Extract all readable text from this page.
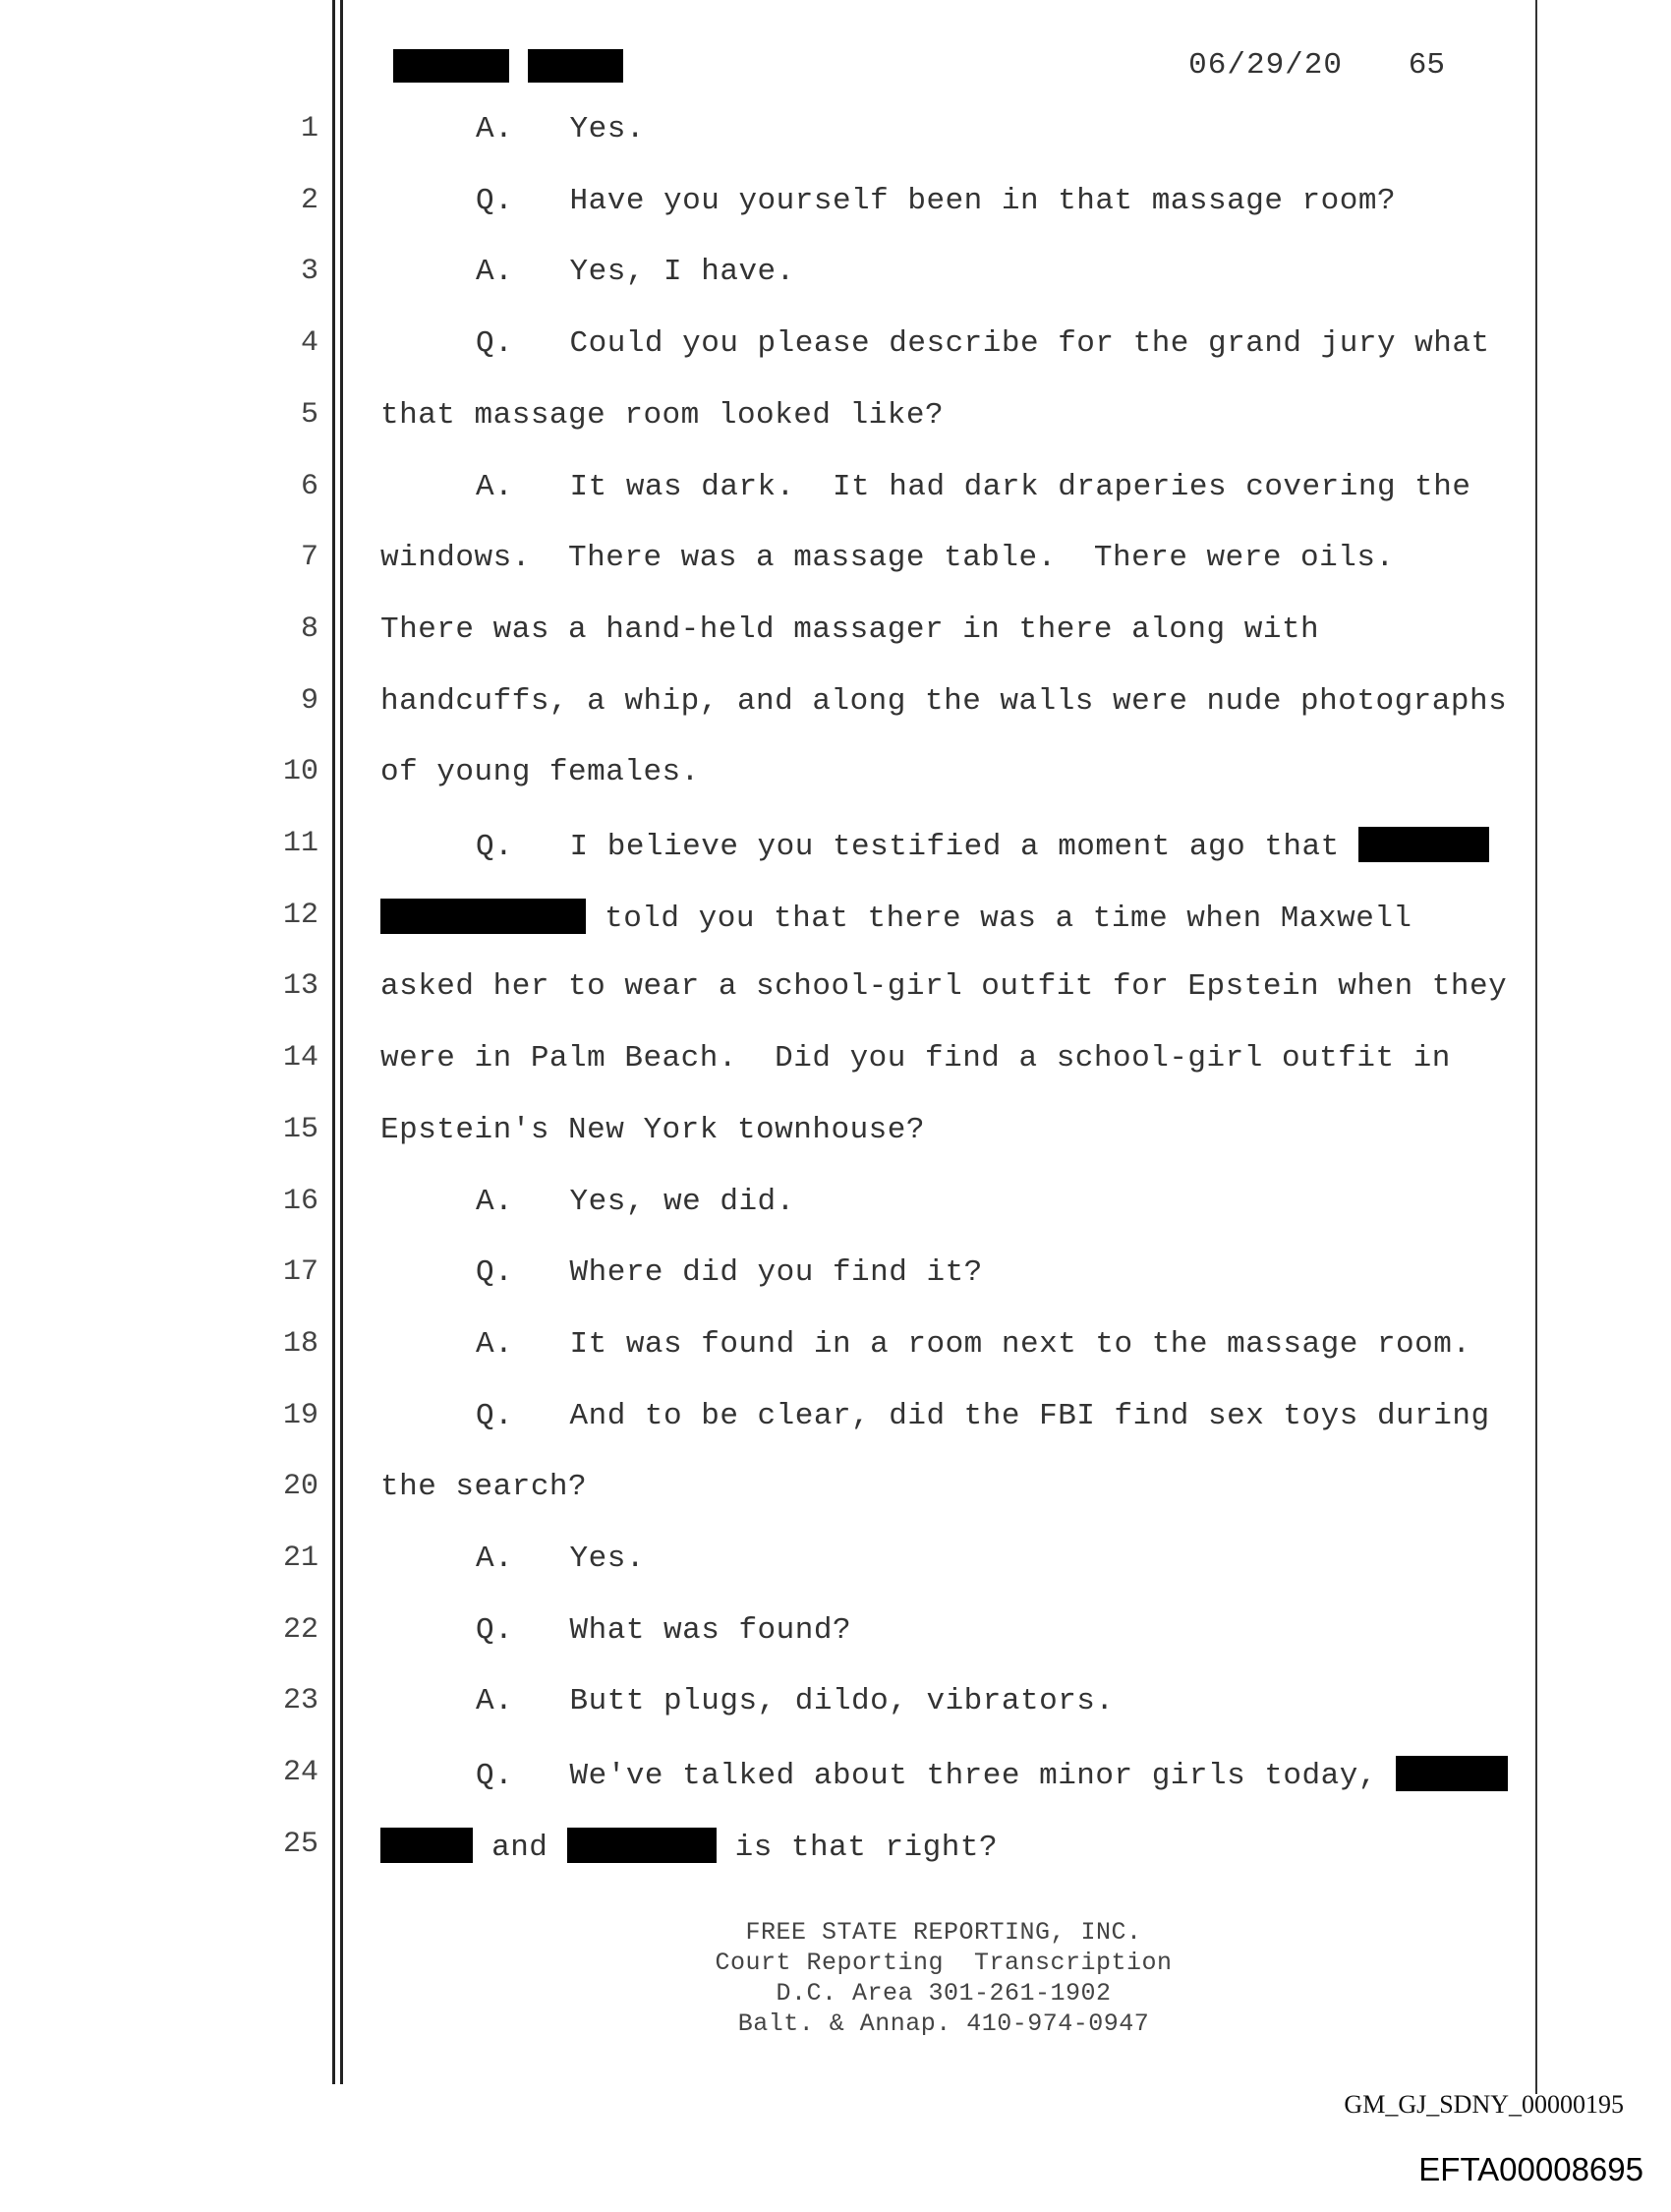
06/29/20 65
1	A.   Yes.
2	Q.   Have you yourself been in that massage room?
3	A.   Yes, I have.
4	Q.   Could you please describe for the grand jury what
5 that massage room looked like?
6	A.   It was dark.  It had dark draperies covering the
7 windows.  There was a massage table.  There were oils.
8 There was a hand-held massager in there along with
9 handcuffs, a whip, and along the walls were nude photographs
10 of young females.
11	Q.   I believe you testified a moment ago that
12	told you that there was a time when Maxwell
13 asked her to wear a school-girl outfit for Epstein when they
14 were in Palm Beach.  Did you find a school-girl outfit in
15 Epstein's New York townhouse?
16	A.   Yes, we did.
17	Q.   Where did you find it?
18	A.   It was found in a room next to the massage room.
19	Q.   And to be clear, did the FBI find sex toys during
20 the search?
21	A.   Yes.
22	Q.   What was found?
23	A.   Butt plugs, dildo, vibrators.
24	Q.   We've talked about three minor girls today,
25	and	is that right?
FREE STATE REPORTING, INC.
Court Reporting  Transcription
D.C. Area 301-261-1902
Balt. & Annap. 410-974-0947
GM_GJ_SDNY_00000195
EFTA00008695
